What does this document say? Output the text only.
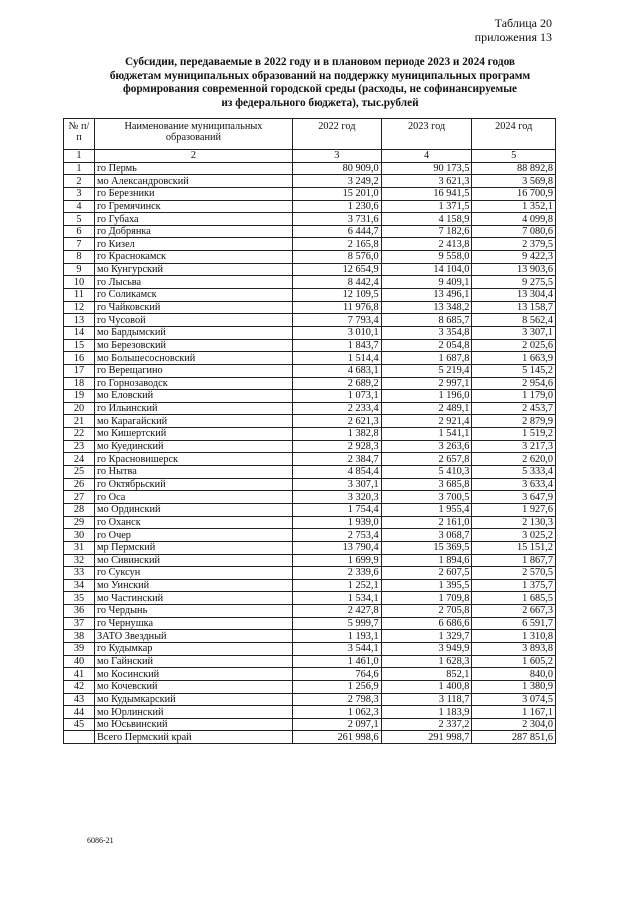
Таблица 20
приложения 13
Субсидии, передаваемые в 2022 году и в плановом периоде 2023 и 2024 годов
бюджетам муниципальных образований на поддержку муниципальных программ
формирования современной городской среды (расходы, не софинансируемые
из федерального бюджета), тыс.рублей
№ п/п	Наименование муниципальных образований	2022 год	2023 год	2024 год
1	2	3	4	5
1	го Пермь	80 909,0	90 173,5	88 892,8
2	мо Александровский	3 249,2	3 621,3	3 569,8
3	го Березники	15 201,0	16 941,5	16 700,9
4	го Гремячинск	1 230,6	1 371,5	1 352,1
5	го Губаха	3 731,6	4 158,9	4 099,8
6	го Добрянка	6 444,7	7 182,6	7 080,6
7	го Кизел	2 165,8	2 413,8	2 379,5
8	го Краснокамск	8 576,0	9 558,0	9 422,3
9	мо Кунгурский	12 654,9	14 104,0	13 903,6
10	го Лысьва	8 442,4	9 409,1	9 275,5
11	го Соликамск	12 109,5	13 496,1	13 304,4
12	го Чайковский	11 976,8	13 348,2	13 158,7
13	го Чусовой	7 793,4	8 685,7	8 562,4
14	мо Бардымский	3 010,1	3 354,8	3 307,1
15	мо Березовский	1 843,7	2 054,8	2 025,6
16	мо Большесосновский	1 514,4	1 687,8	1 663,9
17	го Верещагино	4 683,1	5 219,4	5 145,2
18	го Горнозаводск	2 689,2	2 997,1	2 954,6
19	мо Еловский	1 073,1	1 196,0	1 179,0
20	го Ильинский	2 233,4	2 489,1	2 453,7
21	мо Карагайский	2 621,3	2 921,4	2 879,9
22	мо Кишертский	1 382,8	1 541,1	1 519,2
23	мо Куединский	2 928,3	3 263,6	3 217,3
24	го Красновишерск	2 384,7	2 657,8	2 620,0
25	го Нытва	4 854,4	5 410,3	5 333,4
26	го Октябрьский	3 307,1	3 685,8	3 633,4
27	го Оса	3 320,3	3 700,5	3 647,9
28	мо Ординский	1 754,4	1 955,4	1 927,6
29	го Оханск	1 939,0	2 161,0	2 130,3
30	го Очер	2 753,4	3 068,7	3 025,2
31	мр Пермский	13 790,4	15 369,5	15 151,2
32	мо Сивинский	1 699,9	1 894,6	1 867,7
33	го Суксун	2 339,6	2 607,5	2 570,5
34	мо Уинский	1 252,1	1 395,5	1 375,7
35	мо Частинский	1 534,1	1 709,8	1 685,5
36	го Чердынь	2 427,8	2 705,8	2 667,3
37	го Чернушка	5 999,7	6 686,6	6 591,7
38	ЗАТО Звездный	1 193,1	1 329,7	1 310,8
39	го Кудымкар	3 544,1	3 949,9	3 893,8
40	мо Гайнский	1 461,0	1 628,3	1 605,2
41	мо Косинский	764,6	852,1	840,0
42	мо Кочевский	1 256,9	1 400,8	1 380,9
43	мо Кудымкарский	2 798,3	3 118,7	3 074,5
44	мо Юрлинский	1 062,3	1 183,9	1 167,1
45	мо Юсьвинский	2 097,1	2 337,2	2 304,0
	Всего Пермский край	261 998,6	291 998,7	287 851,6
6086-21
